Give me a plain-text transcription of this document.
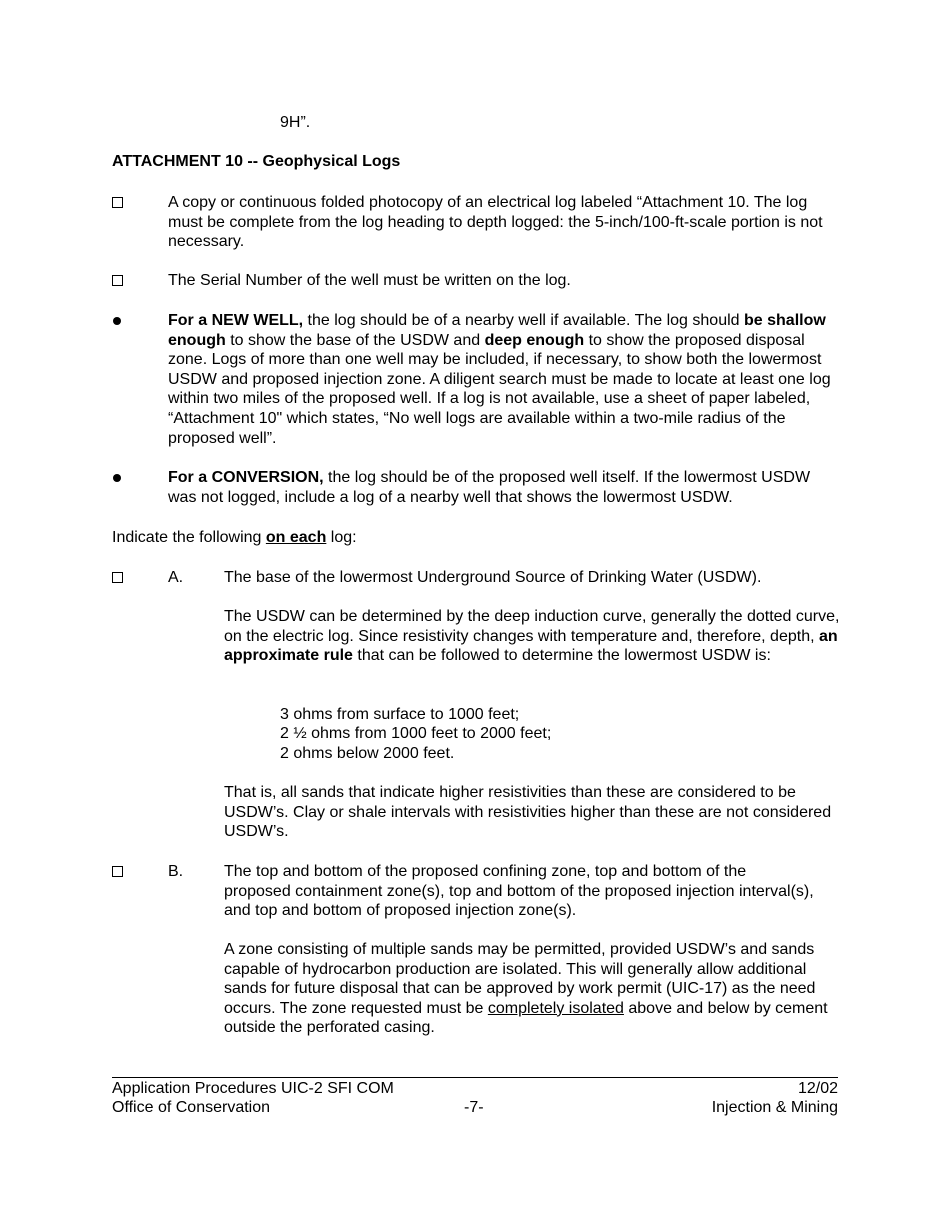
9H”.

ATTACHMENT 10 -- Geophysical Logs

A copy or continuous folded photocopy of an electrical log labeled “Attachment 10. The log must be complete from the log heading to depth logged: the 5-inch/100-ft-scale portion is not necessary.

The Serial Number of the well must be written on the log.

For a NEW WELL, the log should be of a nearby well if available. The log should be shallow enough to show the base of the USDW and deep enough to show the proposed disposal zone. Logs of more than one well may be included, if necessary, to show both the lowermost USDW and proposed injection zone. A diligent search must be made to locate at least one log within two miles of the proposed well. If a log is not available, use a sheet of paper labeled, “Attachment 10" which states, “No well logs are available within a two-mile radius of the proposed well”.

For a CONVERSION, the log should be of the proposed well itself. If the lowermost USDW was not logged, include a log of a nearby well that shows the lowermost USDW.

Indicate the following on each log:

A.	The base of the lowermost Underground Source of Drinking Water (USDW).

The USDW can be determined by the deep induction curve, generally the dotted curve, on the electric log. Since resistivity changes with temperature and, therefore, depth, an approximate rule that can be followed to determine the lowermost USDW is:

3 ohms from surface to 1000 feet;

2 ½ ohms from 1000 feet to 2000 feet;

2 ohms below 2000 feet.

That is, all sands that indicate higher resistivities than these are considered to be USDW’s. Clay or shale intervals with resistivities higher than these are not considered USDW’s.

B.	The top and bottom of the proposed confining zone, top and bottom of the proposed containment zone(s), top and bottom of the proposed injection interval(s), and top and bottom of proposed injection zone(s).

A zone consisting of multiple sands may be permitted, provided USDW’s and sands capable of hydrocarbon production are isolated. This will generally allow additional sands for future disposal that can be approved by work permit (UIC-17) as the need occurs. The zone requested must be completely isolated above and below by cement outside the perforated casing.

Application Procedures UIC-2 SFI COM	12/02
Office of Conservation	-7-	Injection & Mining
